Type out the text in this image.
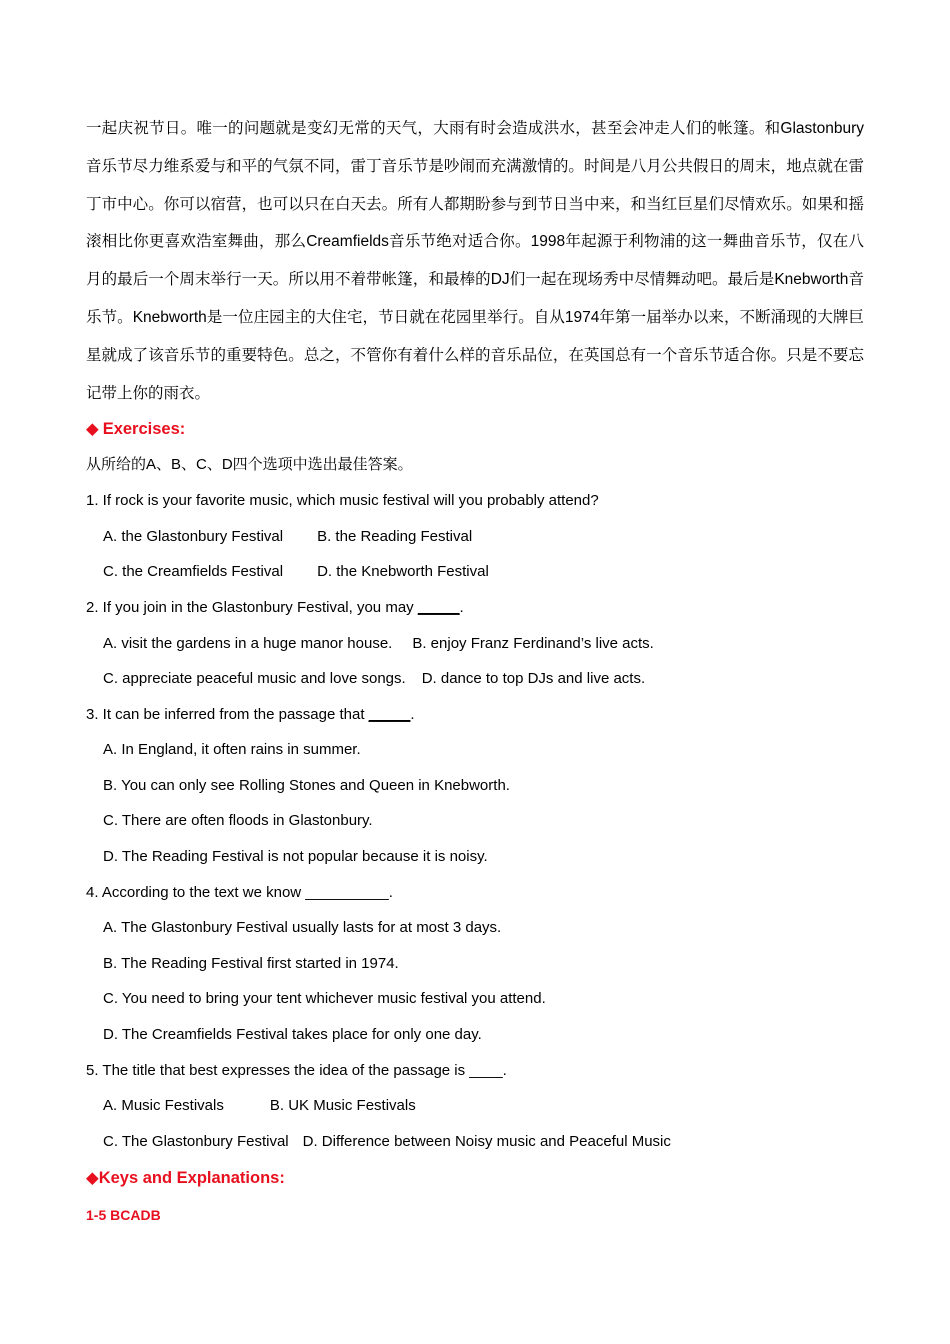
一起庆祝节日。唯一的问题就是变幻无常的天气，大雨有时会造成洪水，甚至会冲走人们的帐篷。和Glastonbury音乐节尽力维系爱与和平的气氛不同，雷丁音乐节是吵闹而充满激情的。时间是八月公共假日的周末，地点就在雷丁市中心。你可以宿营，也可以只在白天去。所有人都期盼参与到节日当中来，和当红巨星们尽情欢乐。如果和摇滚相比你更喜欢浩室舞曲，那么Creamfields音乐节绝对适合你。1998年起源于利物浦的这一舞曲音乐节，仅在八月的最后一个周末举行一天。所以用不着带帐篷，和最棒的DJ们一起在现场秀中尽情舞动吧。最后是Knebworth音乐节。Knebworth是一位庄园主的大住宅，节日就在花园里举行。自从1974年第一届举办以来，不断涌现的大牌巨星就成了该音乐节的重要特色。总之，不管你有着什么样的音乐品位，在英国总有一个音乐节适合你。只是不要忘记带上你的雨衣。

◆ Exercises:

从所给的A、B、C、D四个选项中选出最佳答案。

1. If rock is your favorite music, which music festival will you probably attend?

A. the Glastonbury Festival B. the Reading Festival

C. the Creamfields Festival D. the Knebworth Festival

2. If you join in the Glastonbury Festival, you may _____.

A. visit the gardens in a huge manor house. B. enjoy Franz Ferdinand’s live acts.

C. appreciate peaceful music and love songs. D. dance to top DJs and live acts.

3. It can be inferred from the passage that _____.

A. In England, it often rains in summer.

B. You can only see Rolling Stones and Queen in Knebworth.

C. There are often floods in Glastonbury.

D. The Reading Festival is not popular because it is noisy.

4. According to the text we know __________.

A. The Glastonbury Festival usually lasts for at most 3 days.

B. The Reading Festival first started in 1974.

C. You need to bring your tent whichever music festival you attend.

D. The Creamfields Festival takes place for only one day.

5. The title that best expresses the idea of the passage is ____.

A. Music Festivals	B. UK Music Festivals

C. The Glastonbury Festival D. Difference between Noisy music and Peaceful Music

◆Keys and Explanations:

1-5 BCADB
